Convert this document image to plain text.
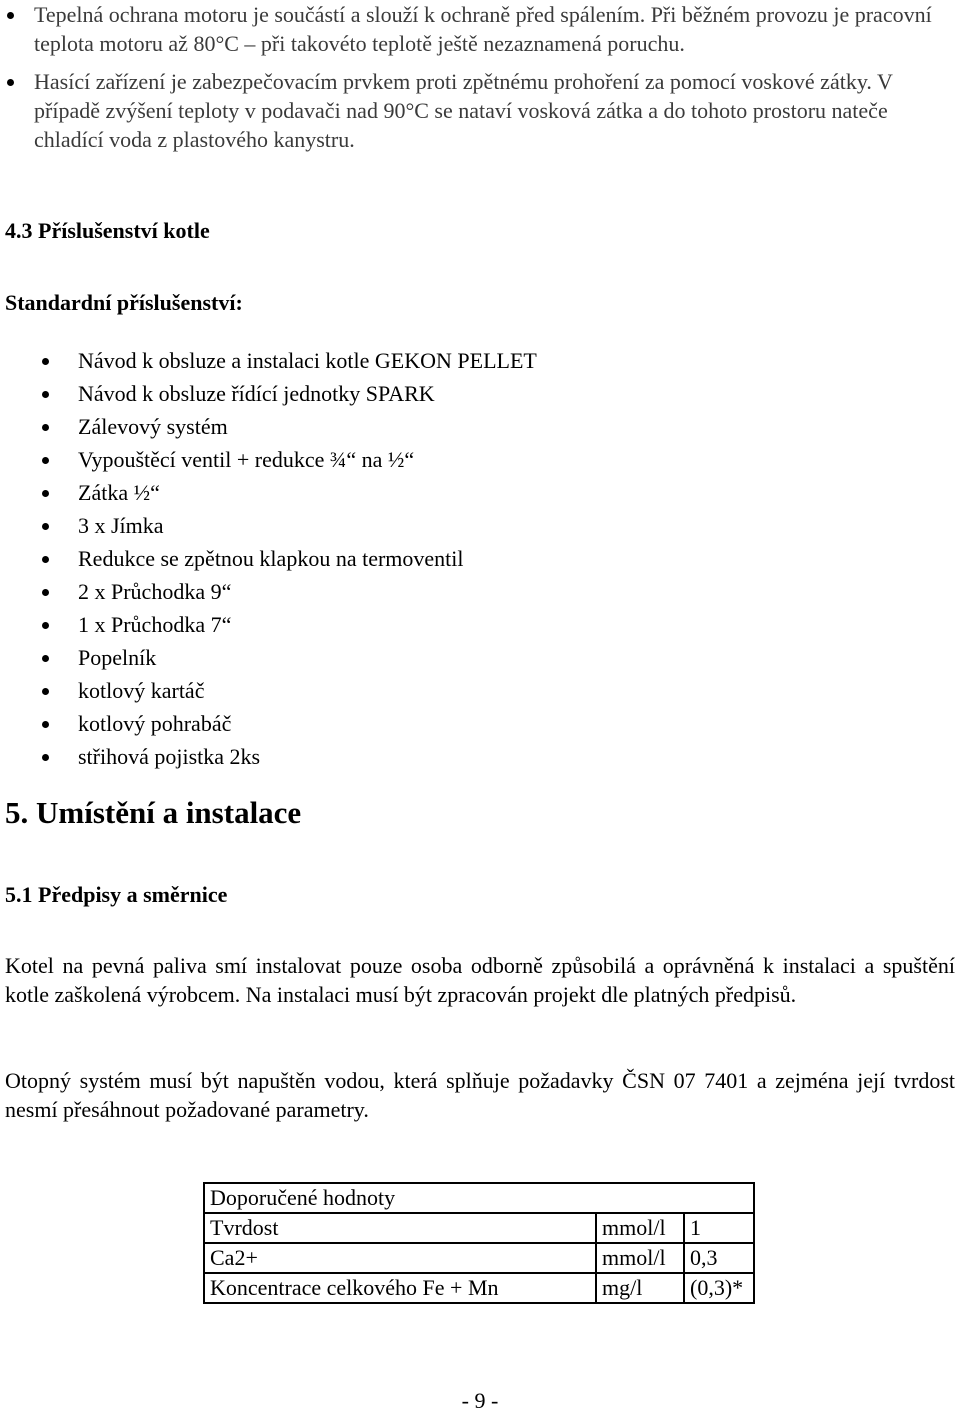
Tepelná ochrana motoru je součástí a slouží k ochraně před spálením. Při běžném provozu je pracovní teplota motoru až 80°C – při takovéto teplotě ještě nezaznamená poruchu.
Hasící zařízení je zabezpečovacím prvkem proti zpětnému prohoření za pomocí voskové zátky. V případě zvýšení teploty v podavači nad 90°C se nataví vosková zátka a do tohoto prostoru nateče chladící voda z plastového kanystru.
4.3 Příslušenství kotle
Standardní příslušenství:
Návod k obsluze a instalaci kotle GEKON PELLET
Návod k obsluze řídící jednotky SPARK
Zálevový systém
Vypouštěcí ventil + redukce ¾“ na ½“
Zátka ½“
3 x Jímka
Redukce se zpětnou klapkou na termoventil
2 x Průchodka 9“
1 x Průchodka 7“
Popelník
kotlový kartáč
kotlový pohrabáč
střihová pojistka 2ks
5. Umístění a instalace
5.1 Předpisy a směrnice

Kotel na pevná paliva smí instalovat pouze osoba odborně způsobilá a oprávněná k instalaci a spuštění kotle zaškolená výrobcem. Na instalaci musí být zpracován projekt dle platných předpisů.

Otopný systém musí být napuštěn vodou, která splňuje požadavky ČSN 07 7401 a zejména její tvrdost nesmí přesáhnout požadované parametry.

Doporučené hodnoty		
Tvrdost	mmol/l	1
Ca2+	mmol/l	0,3
Koncentrace celkového Fe + Mn	mg/l	(0,3)*
- 9 -
